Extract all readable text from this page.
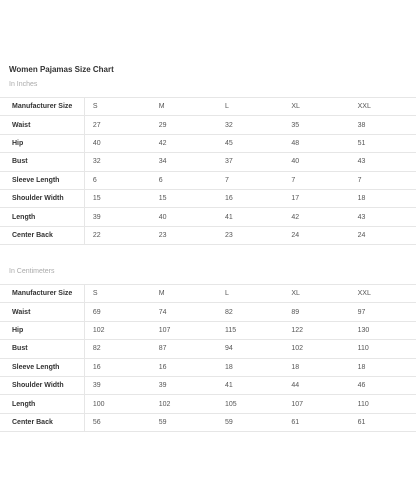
Women Pajamas Size Chart
In Inches
Manufacturer Size	S	M	L	XL	XXL
Waist	27	29	32	35	38
Hip	40	42	45	48	51
Bust	32	34	37	40	43
Sleeve Length	6	6	7	7	7
Shoulder Width	15	15	16	17	18
Length	39	40	41	42	43
Center Back	22	23	23	24	24
In Centimeters
Manufacturer Size	S	M	L	XL	XXL
Waist	69	74	82	89	97
Hip	102	107	115	122	130
Bust	82	87	94	102	110
Sleeve Length	16	16	18	18	18
Shoulder Width	39	39	41	44	46
Length	100	102	105	107	110
Center Back	56	59	59	61	61
